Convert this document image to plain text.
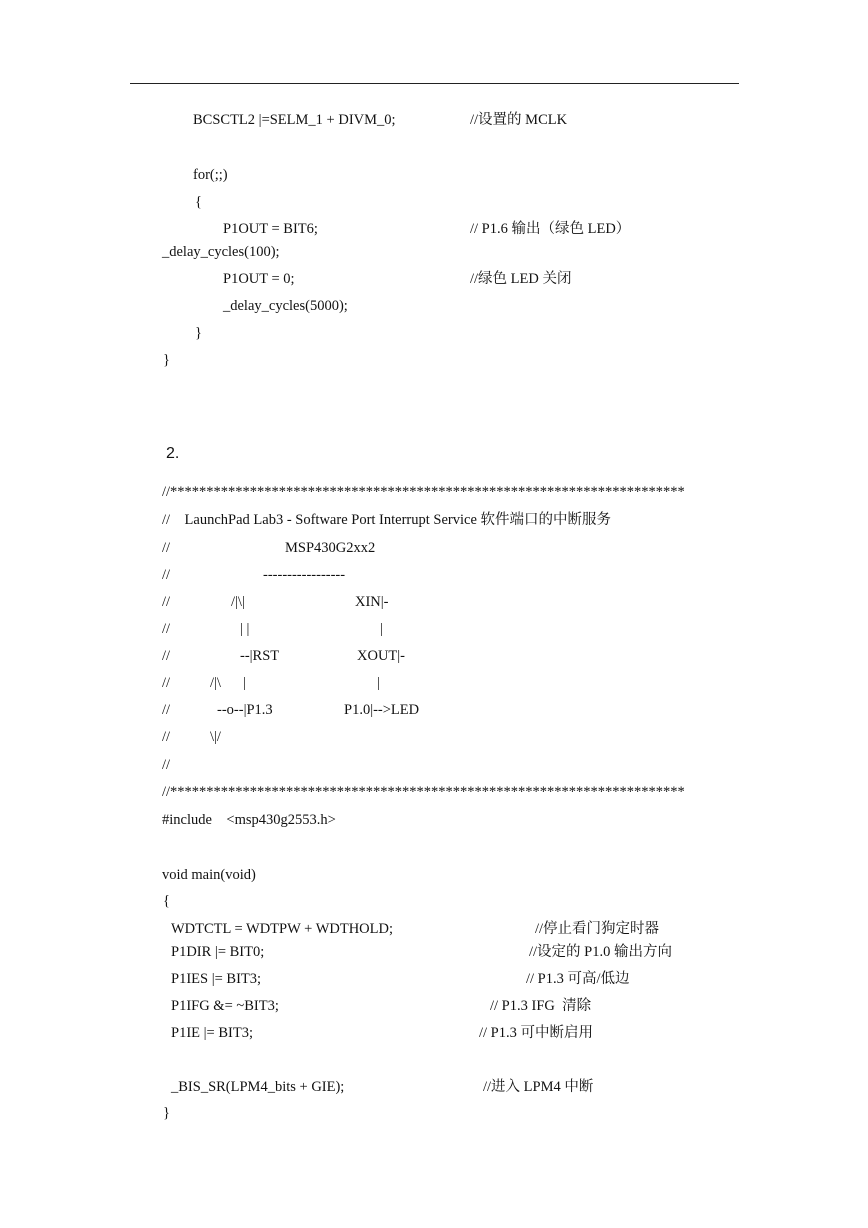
BCSCTL2 |=SELM_1 + DIVM_0;	//设置的 MCLK
for(;;)
{
P1OUT = BIT6;	// P1.6 输出（绿色 LED）
_delay_cycles(100);
P1OUT = 0;	//绿色 LED 关闭
_delay_cycles(5000);
}
}
2.
//***********************************************************************
//    LaunchPad Lab3 - Software Port Interrupt Service 软件端口的中断服务
//	MSP430G2xx2
//	-----------------
//	/|\|	XIN|-
//	| |	|
//	--|RST	XOUT|-
//	/|\ |	|
//	--o--|P1.3	P1.0|-->LED
//	\|/
//
//***********************************************************************
#include    <msp430g2553.h>
void main(void)
{
WDTCTL = WDTPW + WDTHOLD;	//停止看门狗定时器
P1DIR |= BIT0;	//设定的 P1.0 输出方向
P1IES |= BIT3;	// P1.3 可高/低边
P1IFG &= ~BIT3;	// P1.3 IFG  清除
P1IE |= BIT3;	// P1.3 可中断启用
_BIS_SR(LPM4_bits + GIE);	//进入 LPM4 中断
}
